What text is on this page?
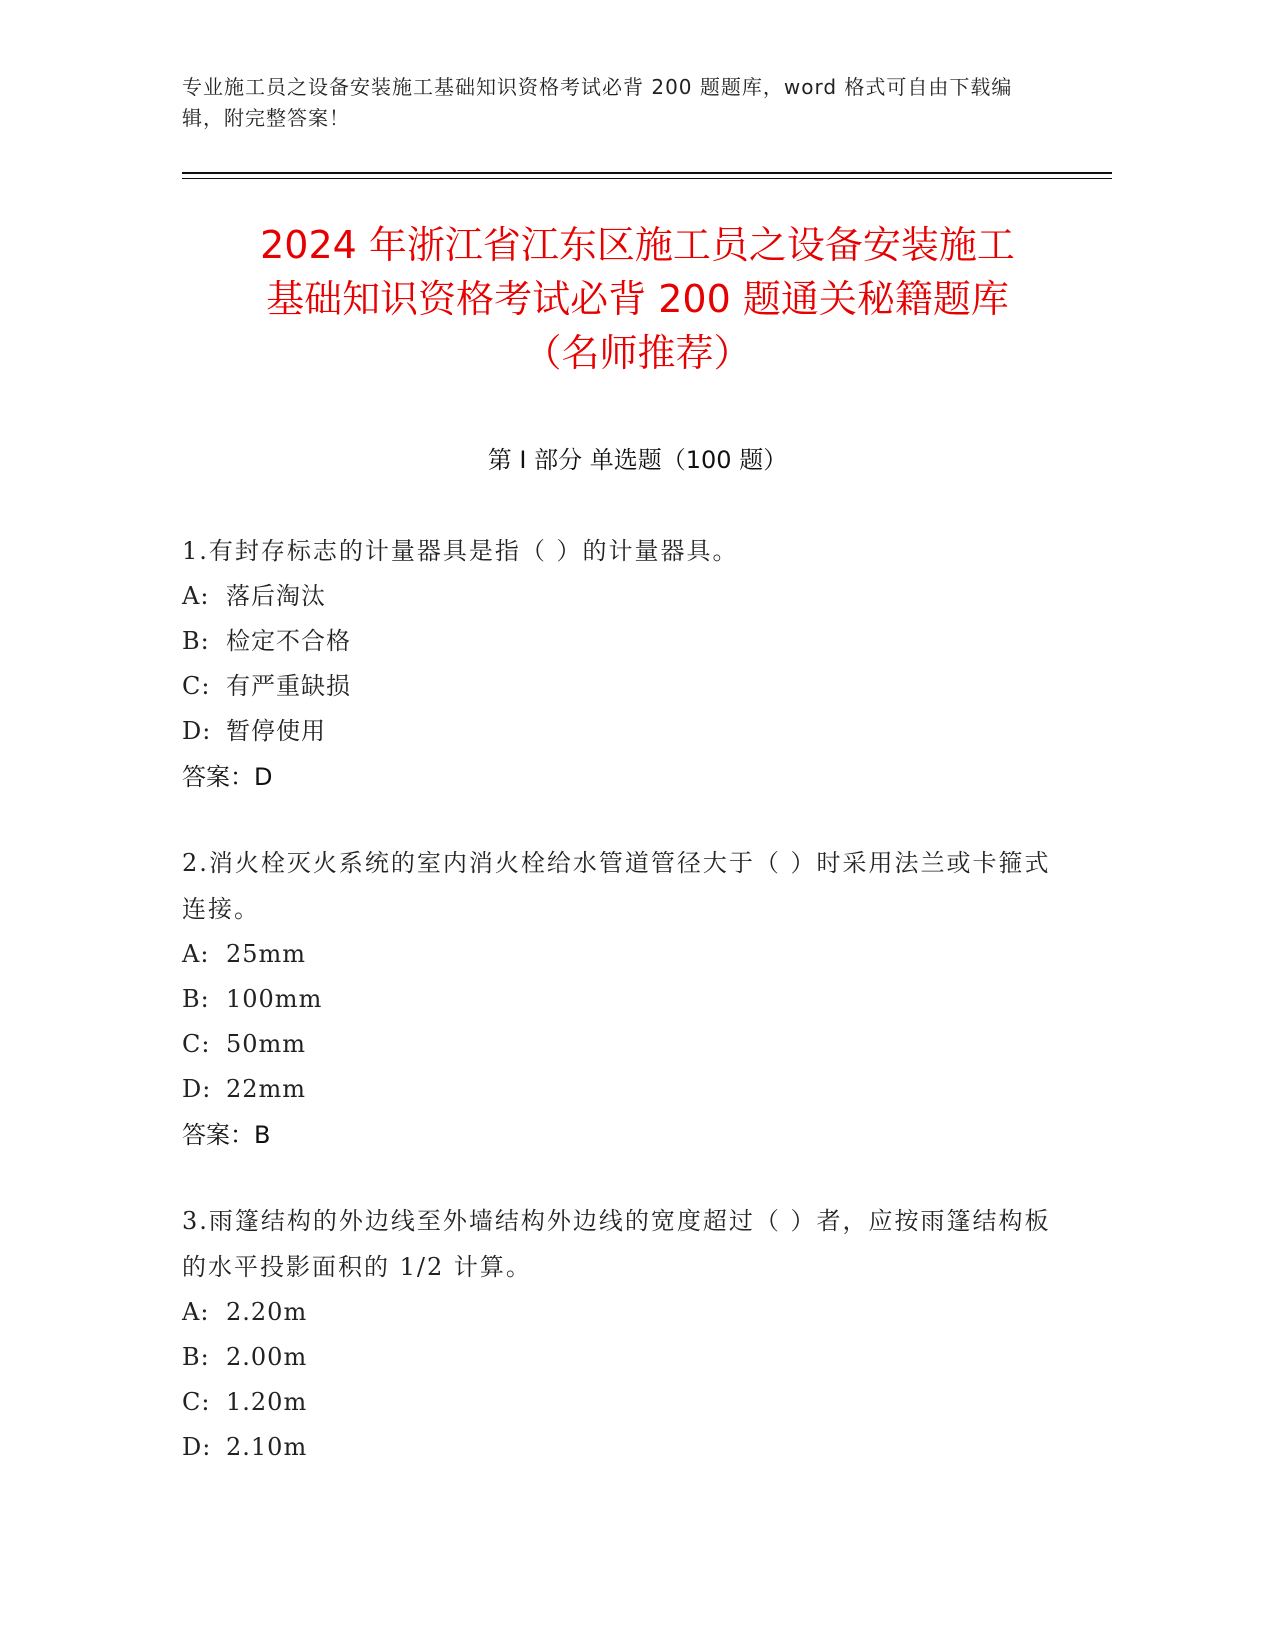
专业施工员之设备安装施工基础知识资格考试必背 200 题题库，word 格式可自由下载编辑，附完整答案！
2024 年浙江省江东区施工员之设备安装施工
基础知识资格考试必背 200 题通关秘籍题库
（名师推荐）
第 I 部分 单选题（100 题）
1.有封存标志的计量器具是指（ ）的计量器具。
A: 落后淘汰
B: 检定不合格
C: 有严重缺损
D: 暂停使用
答案：D
2.消火栓灭火系统的室内消火栓给水管道管径大于（ ）时采用法兰或卡箍式连接。
A: 25mm
B: 100mm
C: 50mm
D: 22mm
答案：B
3.雨篷结构的外边线至外墙结构外边线的宽度超过（ ）者，应按雨篷结构板的水平投影面积的 1/2 计算。
A: 2.20m
B: 2.00m
C: 1.20m
D: 2.10m
